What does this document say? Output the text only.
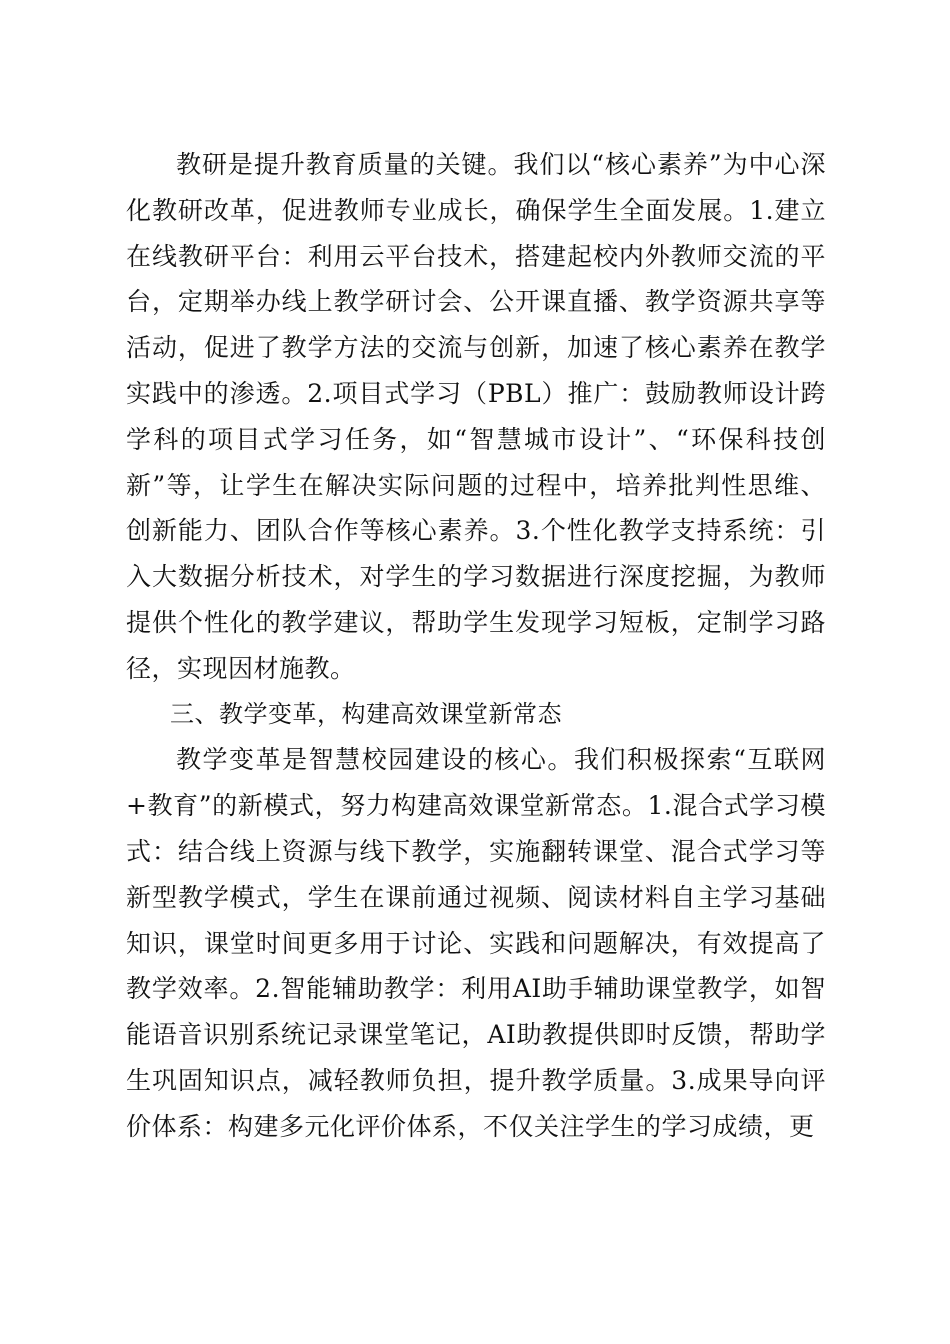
教研是提升教育质量的关键。我们以“核心素养”为中心深化教研改革，促进教师专业成长，确保学生全面发展。1.建立在线教研平台：利用云平台技术，搭建起校内外教师交流的平台，定期举办线上教学研讨会、公开课直播、教学资源共享等活动，促进了教学方法的交流与创新，加速了核心素养在教学实践中的渗透。2.项目式学习（PBL）推广：鼓励教师设计跨学科的项目式学习任务，如“智慧城市设计”、“环保科技创新”等，让学生在解决实际问题的过程中，培养批判性思维、创新能力、团队合作等核心素养。3.个性化教学支持系统：引入大数据分析技术，对学生的学习数据进行深度挖掘，为教师提供个性化的教学建议，帮助学生发现学习短板，定制学习路径，实现因材施教。

三、教学变革，构建高效课堂新常态

教学变革是智慧校园建设的核心。我们积极探索“互联网+教育”的新模式，努力构建高效课堂新常态。1.混合式学习模式：结合线上资源与线下教学，实施翻转课堂、混合式学习等新型教学模式，学生在课前通过视频、阅读材料自主学习基础知识，课堂时间更多用于讨论、实践和问题解决，有效提高了教学效率。2.智能辅助教学：利用AI助手辅助课堂教学，如智能语音识别系统记录课堂笔记，AI助教提供即时反馈，帮助学生巩固知识点，减轻教师负担，提升教学质量。3.成果导向评价体系：构建多元化评价体系，不仅关注学生的学习成绩，更
